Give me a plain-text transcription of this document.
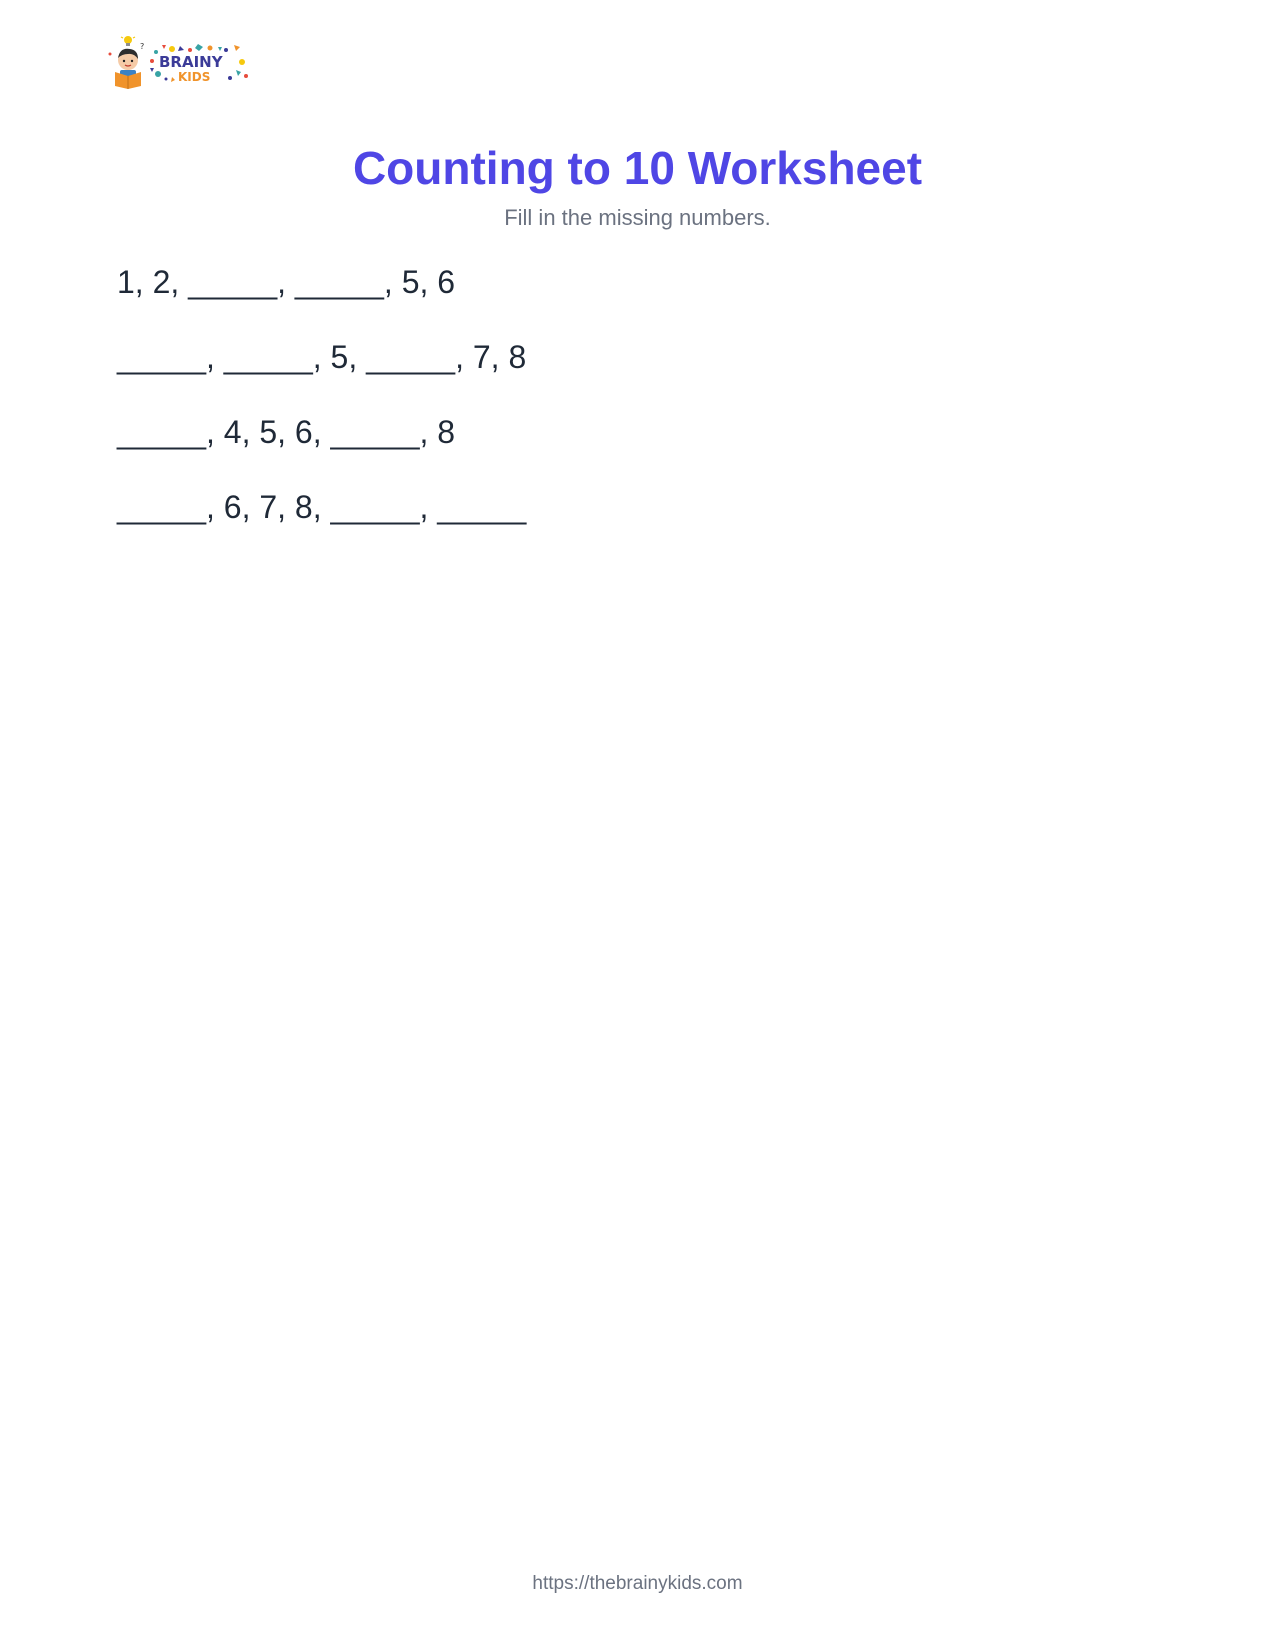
?
BRAINY
KIDS
Counting to 10 Worksheet
Fill in the missing numbers.
1, 2, _____, _____, 5, 6
_____, _____, 5, _____, 7, 8
_____, 4, 5, 6, _____, 8
_____, 6, 7, 8, _____, _____
https://thebrainykids.com
